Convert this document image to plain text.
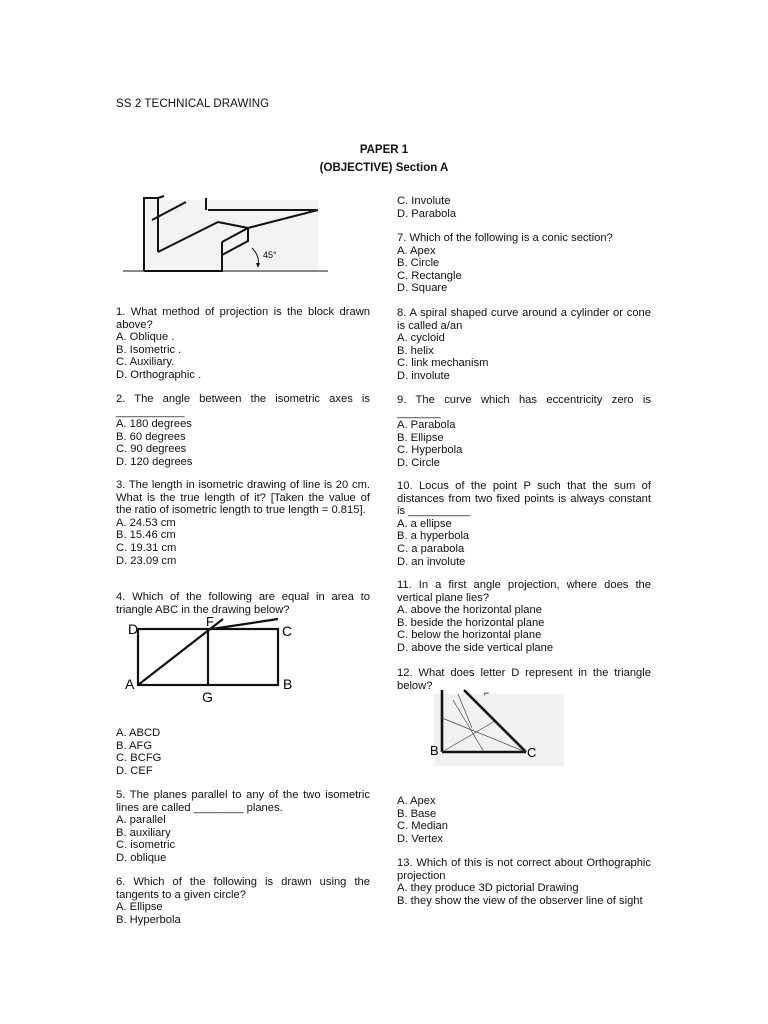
SS 2 TECHNICAL DRAWING
PAPER 1
(OBJECTIVE) Section A
45°

1. What method of projection is the block drawn above?

A. Oblique .

B. Isometric .

C. Auxiliary.

D. Orthographic .

2. The angle between the isometric axes is ___________

A. 180 degrees

B. 60 degrees

C. 90 degrees

D. 120 degrees

3. The length in isometric drawing of line is 20 cm. What is the true length of it? [Taken the value of the ratio of isometric length to true length = 0.815].

A. 24.53 cm

B. 15.46 cm

C. 19.31 cm

D. 23.09 cm

4. Which of the following are equal in area to triangle ABC in the drawing below?

D	F
C
A
G
B

A. ABCD

B. AFG

C. BCFG

D. CEF

5. The planes parallel to any of the two isometric lines are called ________ planes.

A. parallel

B. auxiliary

C. isometric

D. oblique

6. Which of the following is drawn using the tangents to a given circle?

A. Ellipse

B. Hyperbola

C. Involute

D. Parabola

7. Which of the following is a conic section?

A. Apex

B. Circle

C. Rectangle

D. Square

8. A spiral shaped curve around a cylinder or cone is called a/an

A. cycloid

B. helix

C. link mechanism

D. involute

9. The curve which has eccentricity zero is _______

A. Parabola

B. Ellipse

C. Hyperbola

D. Circle

10. Locus of the point P such that the sum of distances from two fixed points is always constant is __________

A. a ellipse

B. a hyperbola

C. a parabola

D. an involute

11. In a first angle projection, where does the vertical plane lies?

A. above the horizontal plane

B. beside the horizontal plane

C. below the horizontal plane

D. above the side vertical plane

12. What does letter D represent in the triangle below?

⌐
B	C

A. Apex

B. Base

C. Median

D. Vertex

13. Which of this is not correct about Orthographic projection

A. they produce 3D pictorial Drawing

B. they show the view of the observer line of sight
